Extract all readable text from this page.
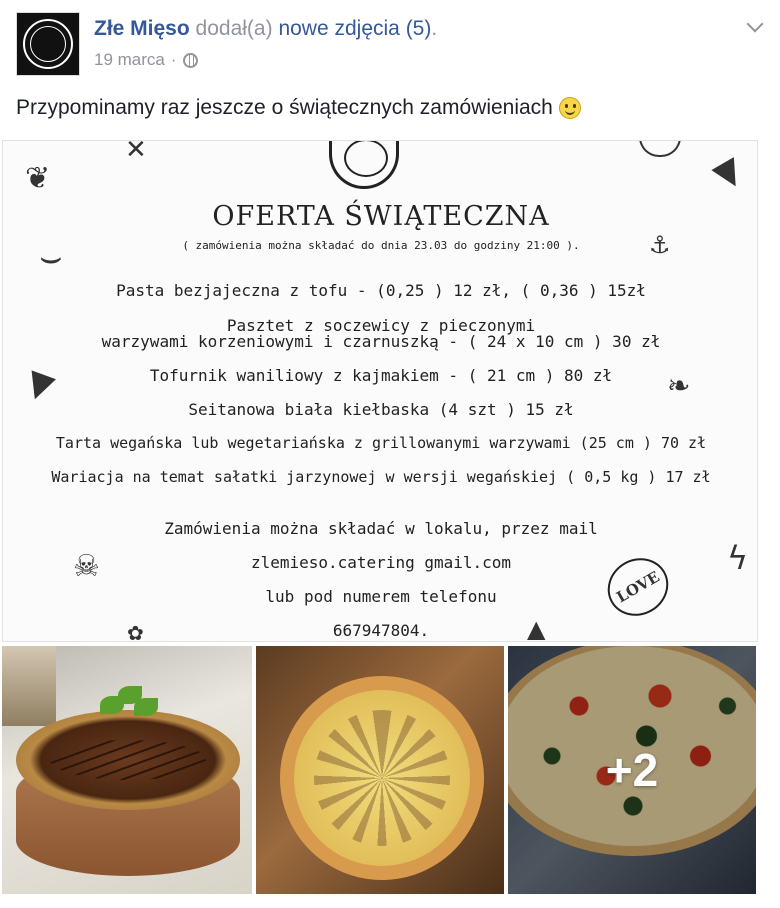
Złe Mięso dodał(a) nowe zdjęcia (5).
19 marca ·
Przypominamy raz jeszcze o świątecznych zamówieniach
✕
❦
⌣
▼
⚓
▼	❧
☠	ϟ
✿	▲
LOVE
OFERTA ŚWIĄTECZNA
( zamówienia można składać do dnia 23.03 do godziny 21:00 ).
Pasta bezjajeczna z tofu - (0,25 ) 12 zł, ( 0,36 ) 15zł
Pasztet z soczewicy z pieczonymi
warzywami korzeniowymi i czarnuszką - ( 24 x 10 cm ) 30 zł
Tofurnik waniliowy z kajmakiem - ( 21 cm ) 80 zł
Seitanowa biała kiełbaska (4 szt ) 15 zł
Tarta wegańska lub wegetariańska z grillowanymi warzywami (25 cm ) 70 zł
Wariacja na temat sałatki jarzynowej w wersji wegańskiej ( 0,5 kg ) 17 zł
Zamówienia można składać w lokalu, przez mail
zlemieso.catering gmail.com
lub pod numerem telefonu
667947804.
+2
